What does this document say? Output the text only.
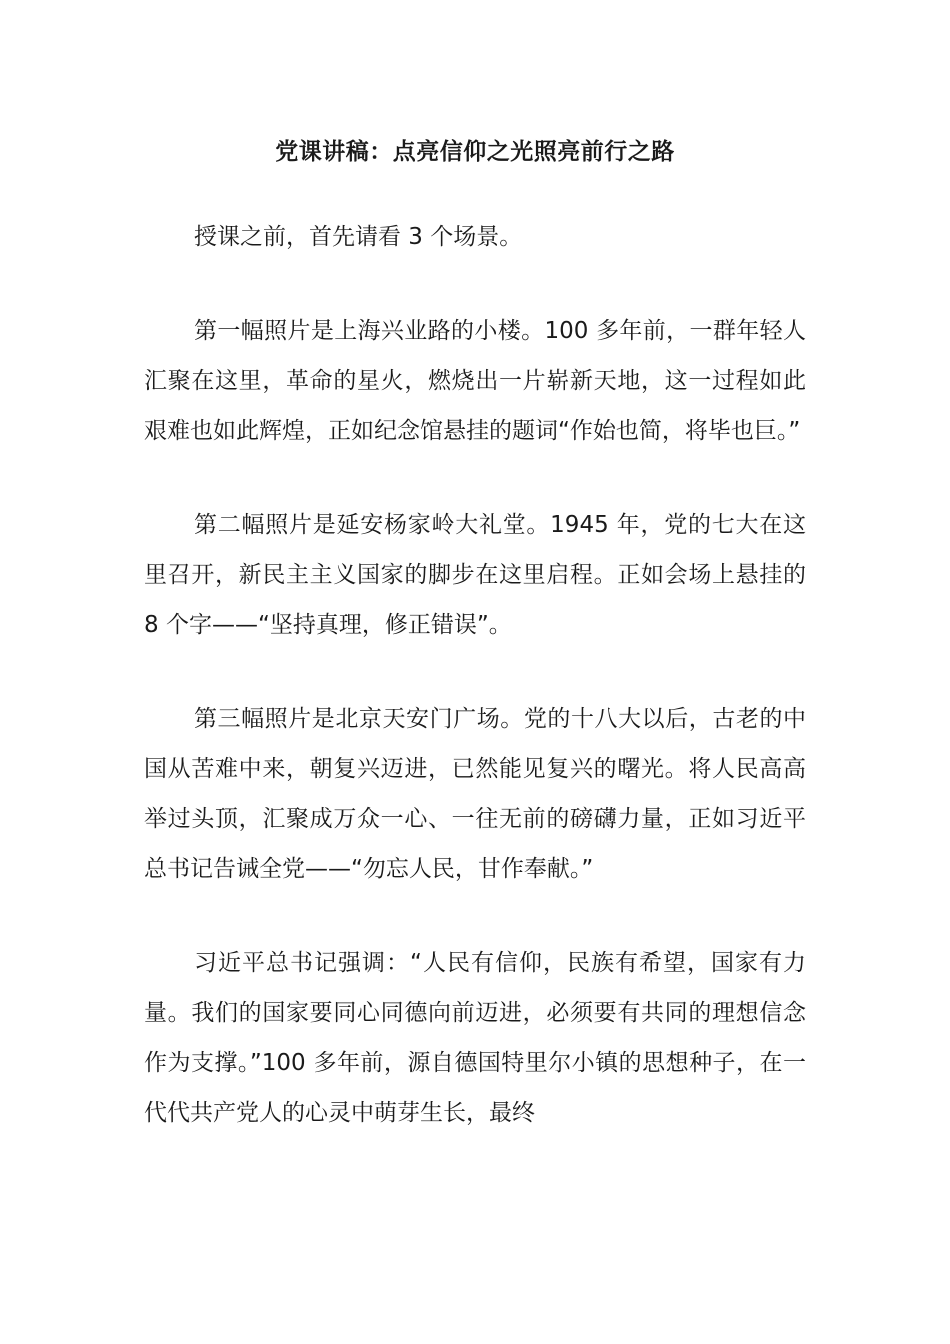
党课讲稿：点亮信仰之光照亮前行之路

授课之前，首先请看 3 个场景。

第一幅照片是上海兴业路的小楼。100 多年前，一群年轻人汇聚在这里，革命的星火，燃烧出一片崭新天地，这一过程如此艰难也如此辉煌，正如纪念馆悬挂的题词“作始也简，将毕也巨。”

第二幅照片是延安杨家岭大礼堂。1945 年，党的七大在这里召开，新民主主义国家的脚步在这里启程。正如会场上悬挂的 8 个字——“坚持真理，修正错误”。

第三幅照片是北京天安门广场。党的十八大以后，古老的中国从苦难中来，朝复兴迈进，已然能见复兴的曙光。将人民高高举过头顶，汇聚成万众一心、一往无前的磅礴力量，正如习近平总书记告诫全党——“勿忘人民，甘作奉献。”

习近平总书记强调：“人民有信仰，民族有希望，国家有力量。我们的国家要同心同德向前迈进，必须要有共同的理想信念作为支撑。”100 多年前，源自德国特里尔小镇的思想种子，在一代代共产党人的心灵中萌芽生长，最终
